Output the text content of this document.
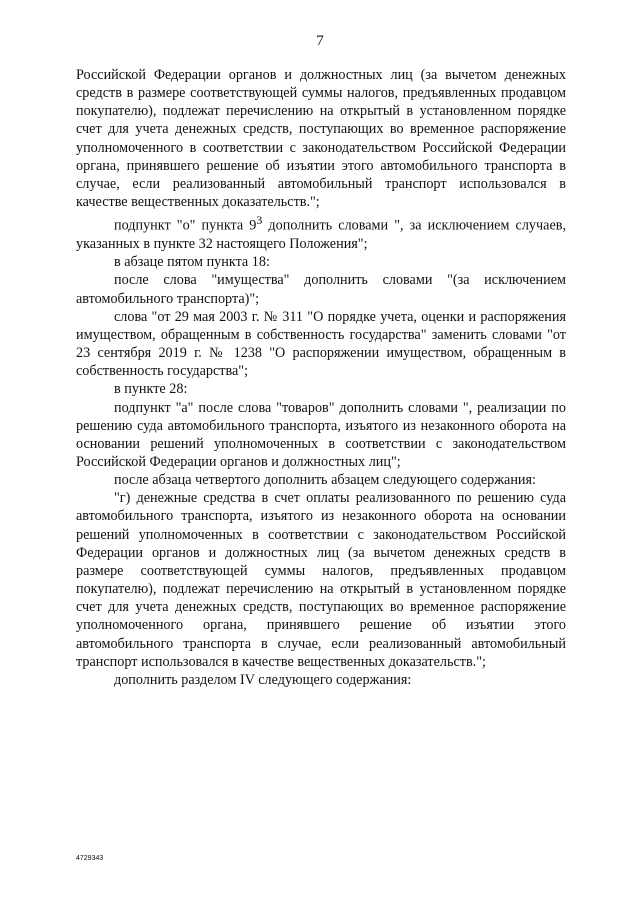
7

Российской Федерации органов и должностных лиц (за вычетом денежных средств в размере соответствующей суммы налогов, предъявленных продавцом покупателю), подлежат перечислению на открытый в установленном порядке счет для учета денежных средств, поступающих во временное распоряжение уполномоченного в соответствии с законодательством Российской Федерации органа, принявшего решение об изъятии этого автомобильного транспорта в случае, если реализованный автомобильный транспорт использовался в качестве вещественных доказательств.";

подпункт "о" пункта $9^3$ дополнить словами ", за исключением случаев, указанных в пункте 32 настоящего Положения";

в абзаце пятом пункта 18:

после слова "имущества" дополнить словами "(за исключением автомобильного транспорта)";

слова "от 29 мая 2003 г. № 311 "О порядке учета, оценки и распоряжения имуществом, обращенным в собственность государства" заменить словами "от 23 сентября 2019 г. № 1238 "О распоряжении имуществом, обращенным в собственность государства";

в пункте 28:

подпункт "а" после слова "товаров" дополнить словами ", реализации по решению суда автомобильного транспорта, изъятого из незаконного оборота на основании решений уполномоченных в соответствии с законодательством Российской Федерации органов и должностных лиц";

после абзаца четвертого дополнить абзацем следующего содержания:

"г) денежные средства в счет оплаты реализованного по решению суда автомобильного транспорта, изъятого из незаконного оборота на основании решений уполномоченных в соответствии с законодательством Российской Федерации органов и должностных лиц (за вычетом денежных средств в размере соответствующей суммы налогов, предъявленных продавцом покупателю), подлежат перечислению на открытый в установленном порядке счет для учета денежных средств, поступающих во временное распоряжение уполномоченного органа, принявшего решение об изъятии этого автомобильного транспорта в случае, если реализованный автомобильный транспорт использовался в качестве вещественных доказательств.";

дополнить разделом IV следующего содержания:

4729343
